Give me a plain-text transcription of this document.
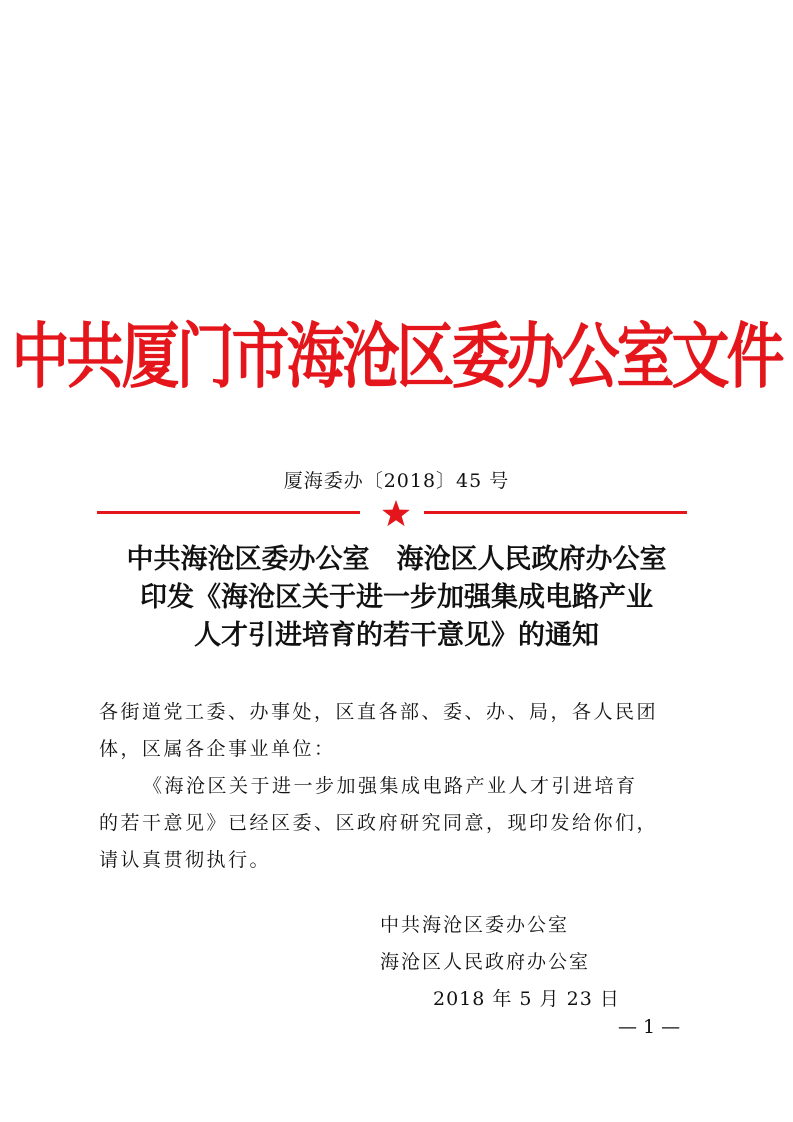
中共厦门市海沧区委办公室文件
厦海委办〔2018〕45 号
中共海沧区委办公室　海沧区人民政府办公室
印发《海沧区关于进一步加强集成电路产业
人才引进培育的若干意见》的通知

各街道党工委、办事处，区直各部、委、办、局，各人民团

体，区属各企事业单位：

《海沧区关于进一步加强集成电路产业人才引进培育

的若干意见》已经区委、区政府研究同意，现印发给你们，

请认真贯彻执行。

中共海沧区委办公室
海沧区人民政府办公室
2018 年 5 月 23 日
— 1 —
